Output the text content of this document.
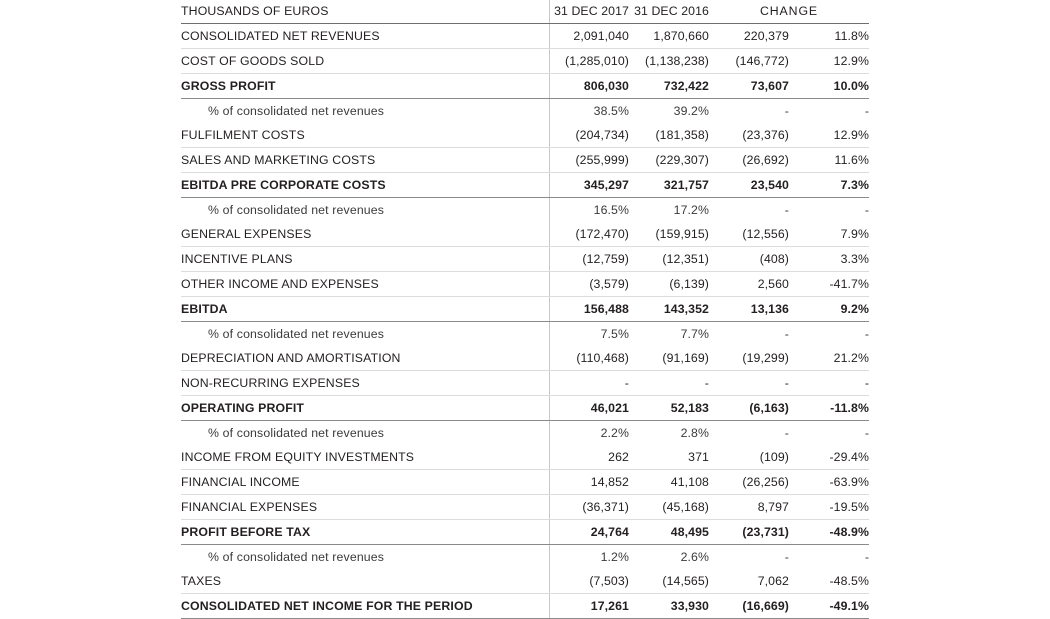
THOUSANDS OF EUROS	31 DEC 2017	31 DEC 2016	CHANGE	
CONSOLIDATED NET REVENUES	2,091,040	1,870,660	220,379	11.8%
COST OF GOODS SOLD	(1,285,010)	(1,138,238)	(146,772)	12.9%
GROSS PROFIT	806,030	732,422	73,607	10.0%
% of consolidated net revenues	38.5%	39.2%	-	-
FULFILMENT COSTS	(204,734)	(181,358)	(23,376)	12.9%
SALES AND MARKETING COSTS	(255,999)	(229,307)	(26,692)	11.6%
EBITDA PRE CORPORATE COSTS	345,297	321,757	23,540	7.3%
% of consolidated net revenues	16.5%	17.2%	-	-
GENERAL EXPENSES	(172,470)	(159,915)	(12,556)	7.9%
INCENTIVE PLANS	(12,759)	(12,351)	(408)	3.3%
OTHER INCOME AND EXPENSES	(3,579)	(6,139)	2,560	-41.7%
EBITDA	156,488	143,352	13,136	9.2%
% of consolidated net revenues	7.5%	7.7%	-	-
DEPRECIATION AND AMORTISATION	(110,468)	(91,169)	(19,299)	21.2%
NON-RECURRING EXPENSES	-	-	-	-
OPERATING PROFIT	46,021	52,183	(6,163)	-11.8%
% of consolidated net revenues	2.2%	2.8%	-	-
INCOME FROM EQUITY INVESTMENTS	262	371	(109)	-29.4%
FINANCIAL INCOME	14,852	41,108	(26,256)	-63.9%
FINANCIAL EXPENSES	(36,371)	(45,168)	8,797	-19.5%
PROFIT BEFORE TAX	24,764	48,495	(23,731)	-48.9%
% of consolidated net revenues	1.2%	2.6%	-	-
TAXES	(7,503)	(14,565)	7,062	-48.5%
CONSOLIDATED NET INCOME FOR THE PERIOD	17,261	33,930	(16,669)	-49.1%
